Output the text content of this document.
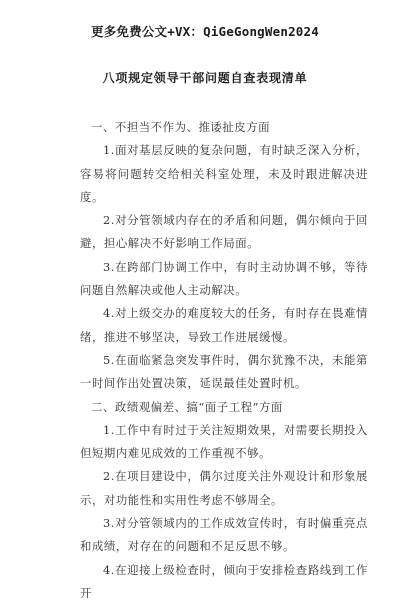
更多免费公文+VX：QiGeGongWen2024
八项规定领导干部问题自查表现清单

一、不担当不作为、推诿扯皮方面

1.面对基层反映的复杂问题，有时缺乏深入分析，容易将问题转交给相关科室处理，未及时跟进解决进度。

2.对分管领域内存在的矛盾和问题，偶尔倾向于回避，担心解决不好影响工作局面。

3.在跨部门协调工作中，有时主动协调不够，等待问题自然解决或他人主动解决。

4.对上级交办的难度较大的任务，有时存在畏难情绪，推进不够坚决，导致工作进展缓慢。

5.在面临紧急突发事件时，偶尔犹豫不决，未能第一时间作出处置决策，延误最佳处置时机。

二、政绩观偏差、搞“面子工程”方面

1.工作中有时过于关注短期效果，对需要长期投入但短期内难见成效的工作重视不够。

2.在项目建设中，偶尔过度关注外观设计和形象展示，对功能性和实用性考虑不够周全。

3.对分管领域内的工作成效宣传时，有时偏重亮点和成绩，对存在的问题和不足反思不够。

4.在迎接上级检查时，倾向于安排检查路线到工作开
